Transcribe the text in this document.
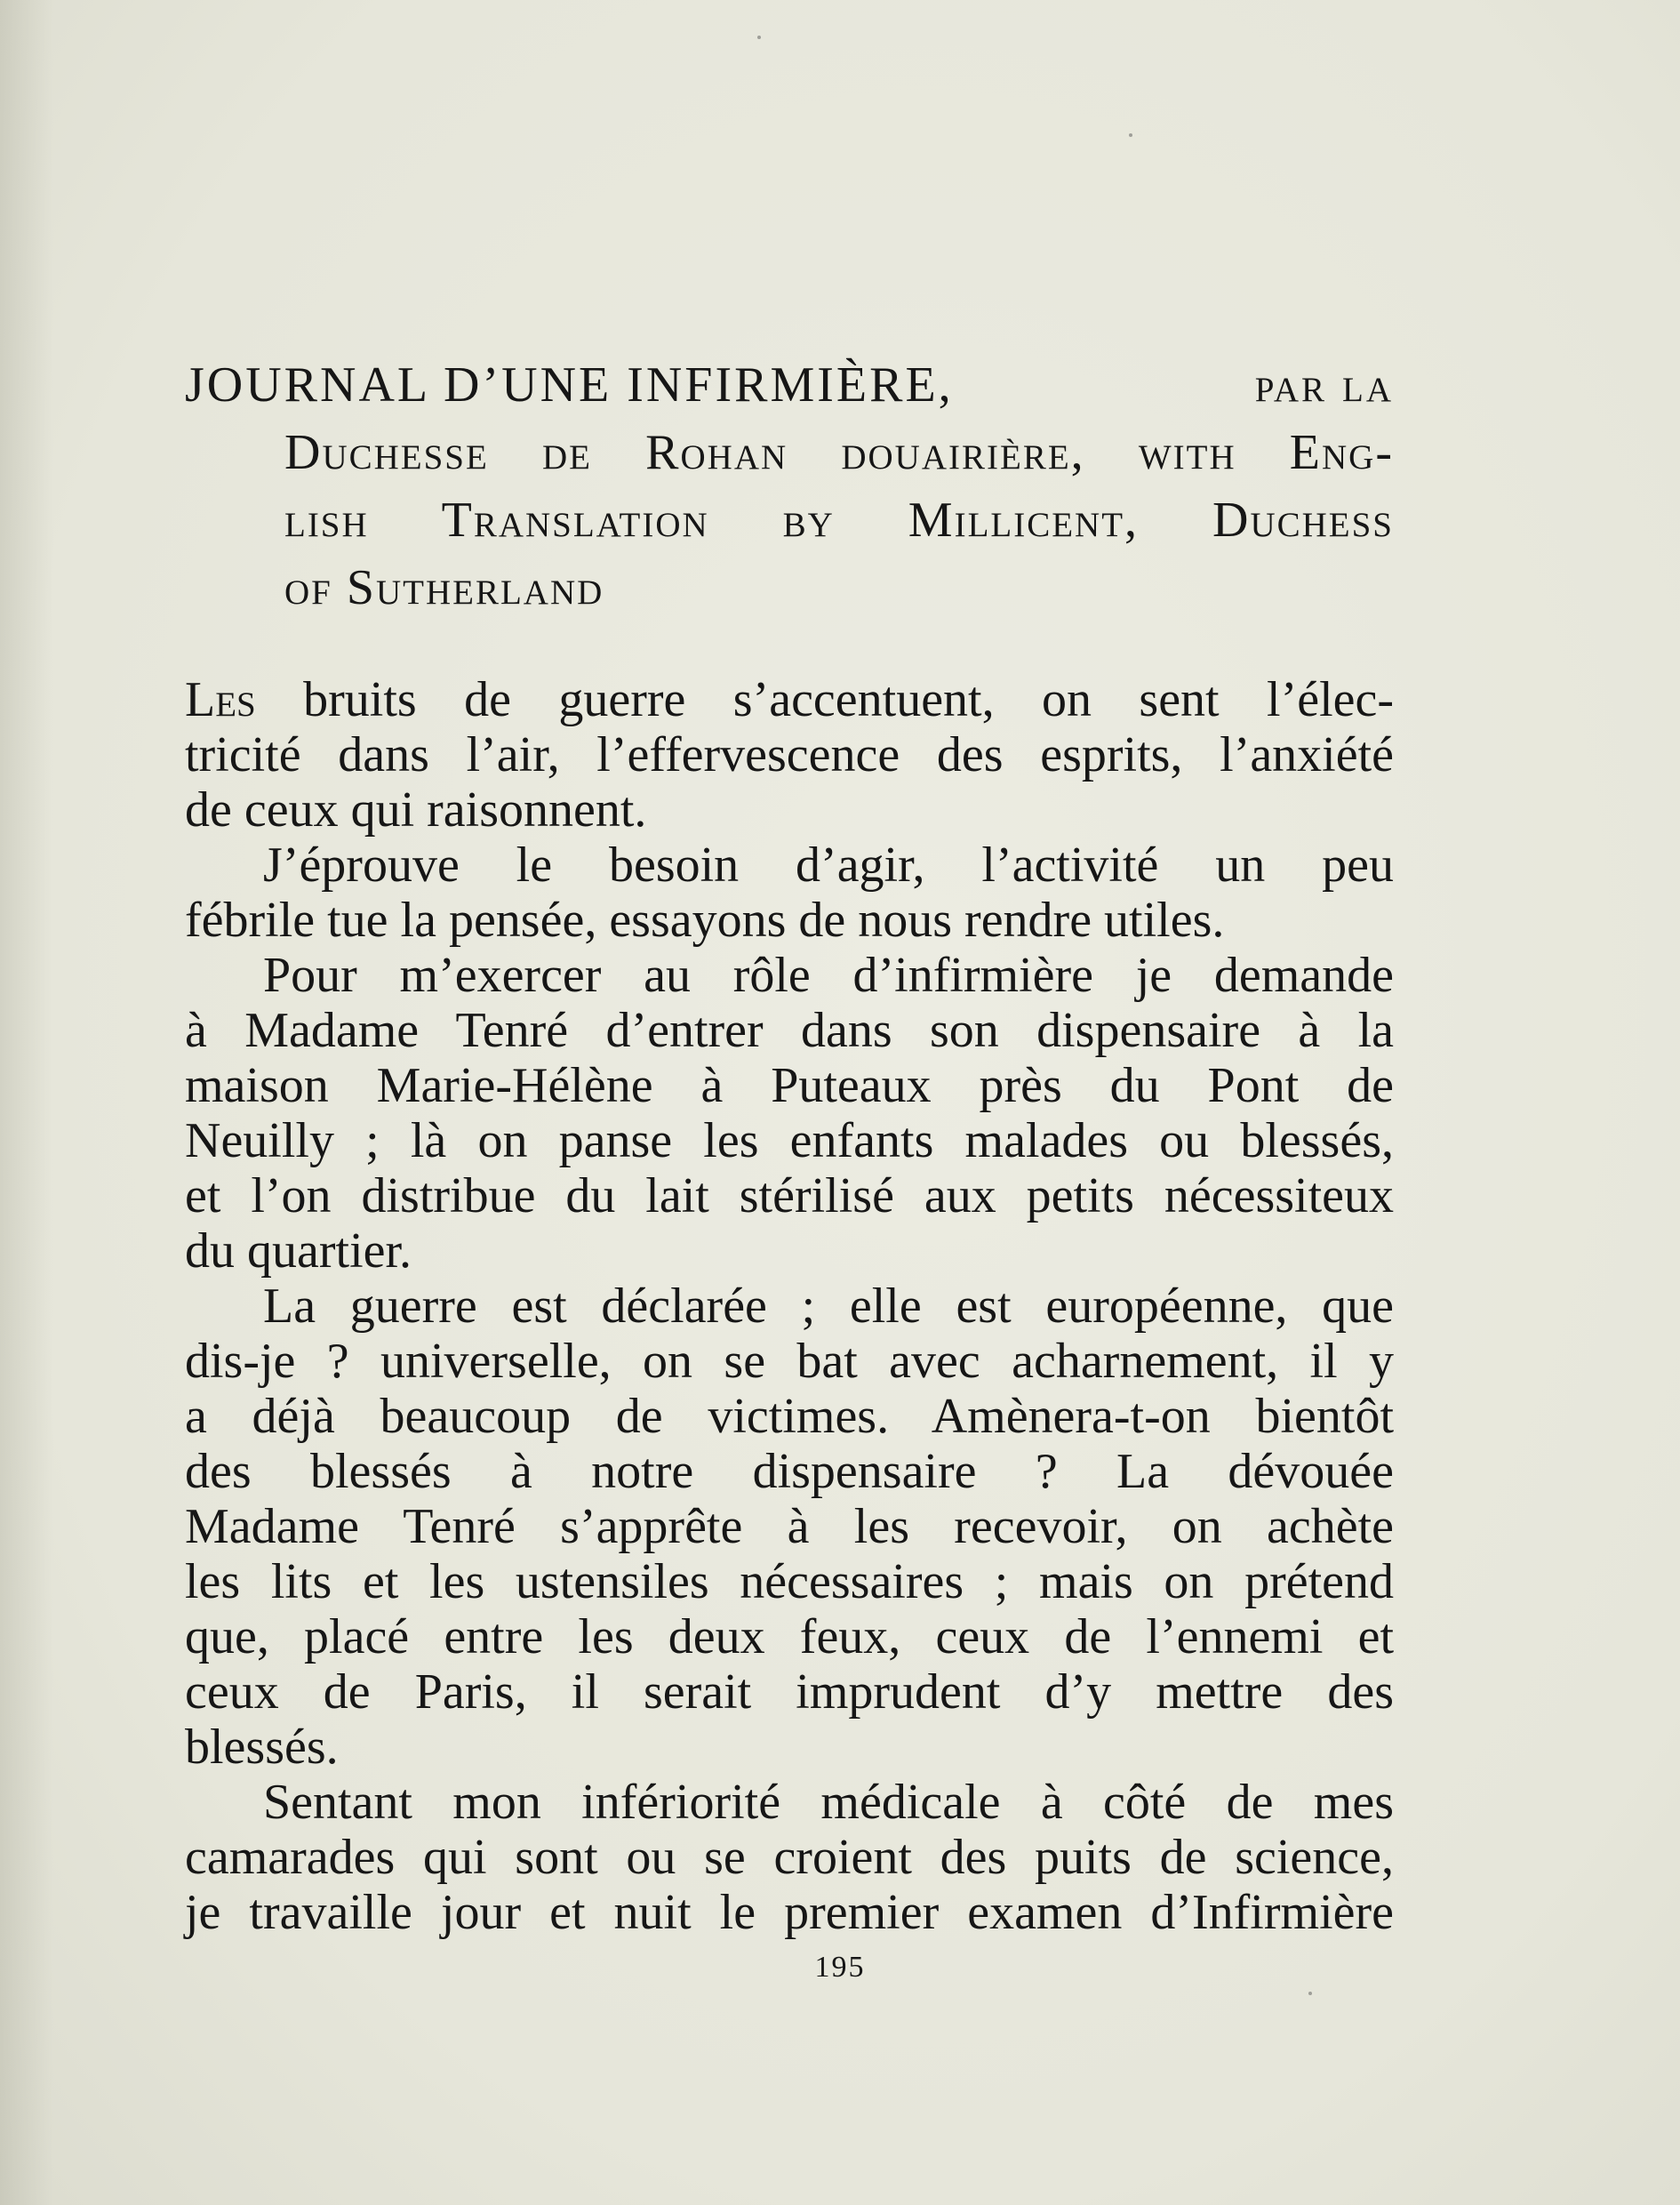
JOURNAL D’UNE INFIRMIÈRE,	par la
Duchesse de Rohan douairière, with Eng-
lish Translation by Millicent, Duchess
of Sutherland
Les bruits de guerre s’accentuent, on sent l’élec-
tricité dans l’air, l’effervescence des esprits, l’anxiété
de ceux qui raisonnent.
J’éprouve le besoin d’agir, l’activité un peu
fébrile tue la pensée, essayons de nous rendre utiles.
Pour m’exercer au rôle d’infirmière je demande
à Madame Tenré d’entrer dans son dispensaire à la
maison Marie-Hélène à Puteaux près du Pont de
Neuilly ; là on panse les enfants malades ou blessés,
et l’on distribue du lait stérilisé aux petits nécessiteux
du quartier.
La guerre est déclarée ; elle est européenne, que
dis-je ? universelle, on se bat avec acharnement, il y
a déjà beaucoup de victimes. Amènera-t-on bientôt
des blessés à notre dispensaire ? La dévouée
Madame Tenré s’apprête à les recevoir, on achète
les lits et les ustensiles nécessaires ; mais on prétend
que, placé entre les deux feux, ceux de l’ennemi et
ceux de Paris, il serait imprudent d’y mettre des
blessés.
Sentant mon infériorité médicale à côté de mes
camarades qui sont ou se croient des puits de science,
je travaille jour et nuit le premier examen d’Infirmière
195
